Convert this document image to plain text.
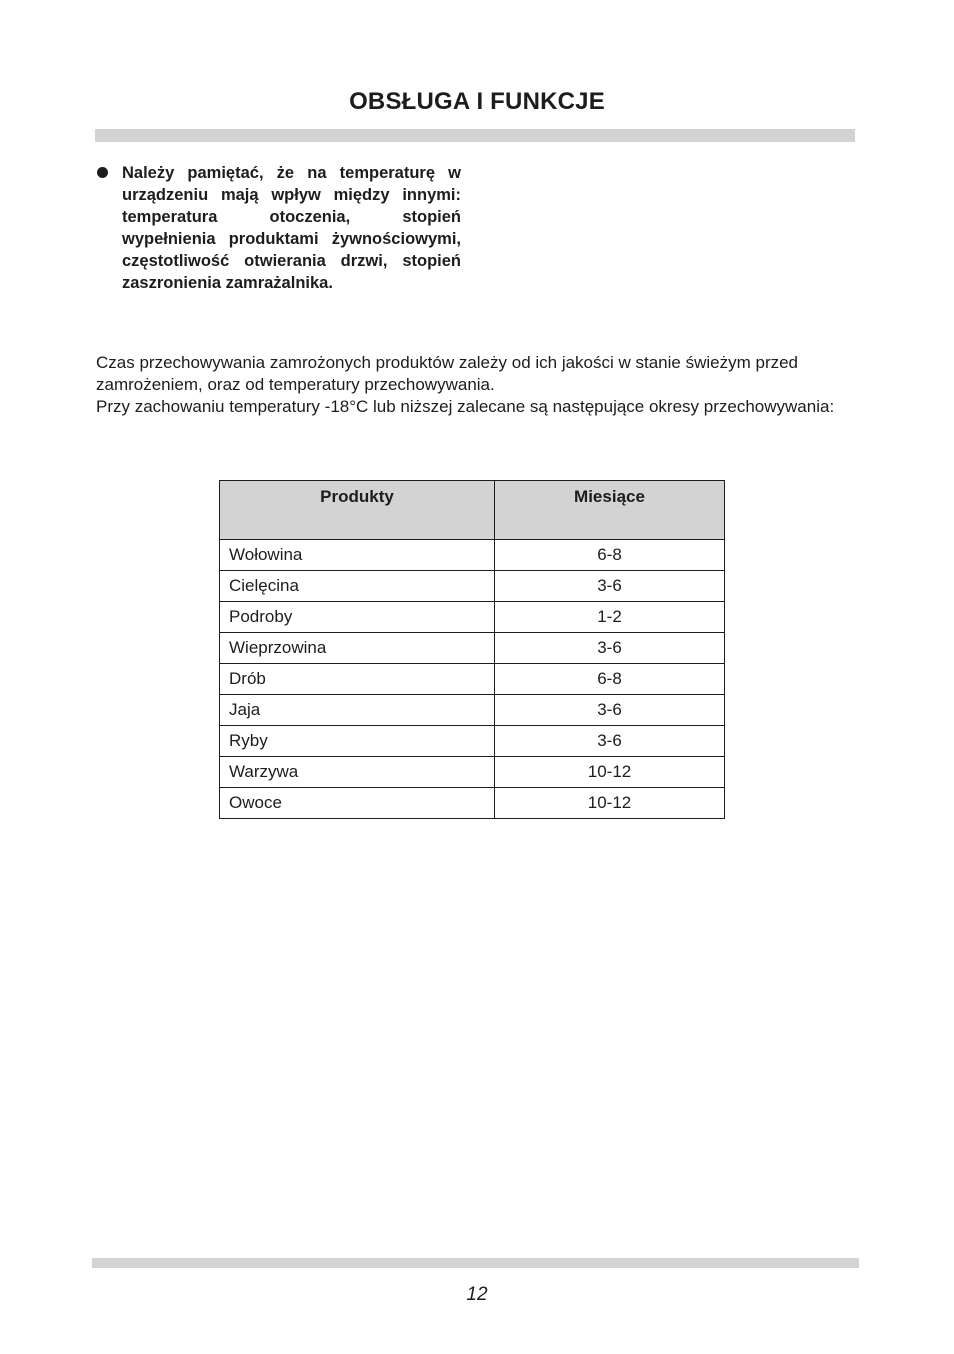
OBSŁUGA I FUNKCJE
Należy pamiętać, że na temperaturę w urządzeniu mają wpływ między innymi: temperatura otoczenia, stopień wypełnienia produktami żywnościowymi, częstotliwość otwierania drzwi, stopień zaszronienia zamrażalnika.
Czas przechowywania zamrożonych produktów zależy od ich jakości w stanie świeżym przed zamrożeniem, oraz od temperatury przechowywania.
Przy zachowaniu temperatury -18°C lub niższej zalecane są następujące okresy przechowywania:
Produkty	Miesiące
Wołowina	6-8
Cielęcina	3-6
Podroby	1-2
Wieprzowina	3-6
Drób	6-8
Jaja	3-6
Ryby	3-6
Warzywa	10-12
Owoce	10-12
12
